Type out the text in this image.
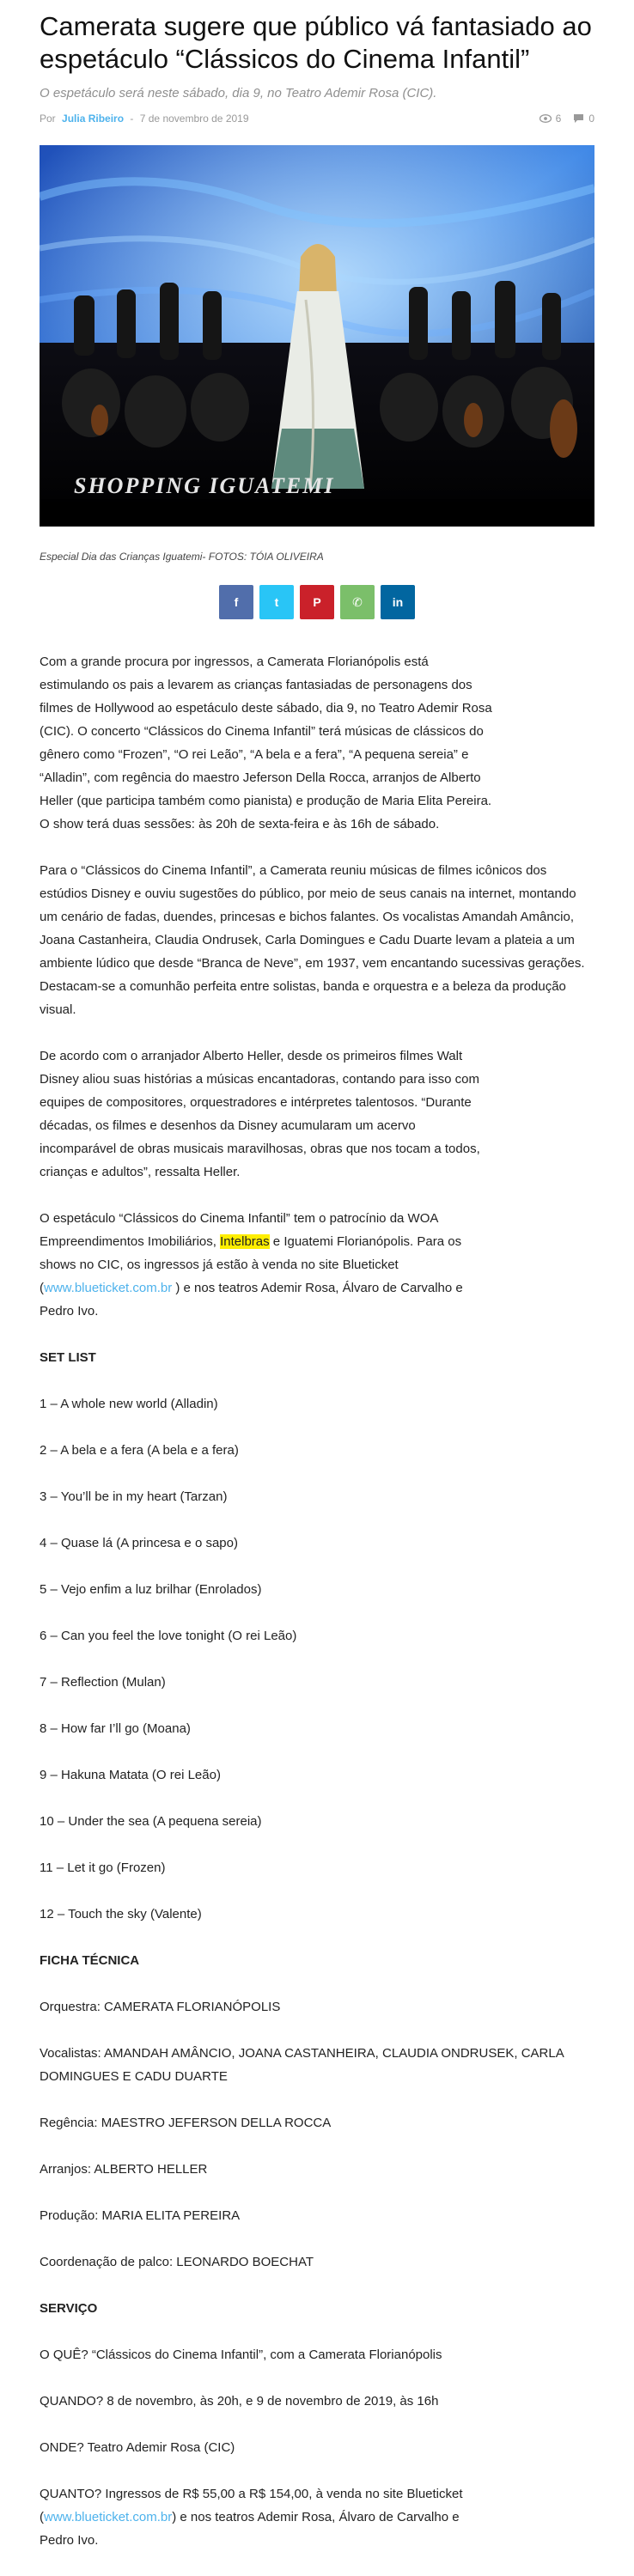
Camerata sugere que público vá fantasiado ao espetáculo “Clássicos do Cinema Infantil”
O espetáculo será neste sábado, dia 9, no Teatro Ademir Rosa (CIC).
Por Julia Ribeiro - 7 de novembro de 2019	6	0
SHOPPING IGUATEMI
Especial Dia das Crianças Iguatemi- FOTOS: TÓIA OLIVEIRA
f	t	P	✆ in

Com a grande procura por ingressos, a Camerata Florianópolis está estimulando os pais a levarem as crianças fantasiadas de personagens dos filmes de Hollywood ao espetáculo deste sábado, dia 9, no Teatro Ademir Rosa (CIC). O concerto “Clássicos do Cinema Infantil” terá músicas de clássicos do gênero como “Frozen”, “O rei Leão”, “A bela e a fera”, “A pequena sereia” e “Alladin”, com regência do maestro Jeferson Della Rocca, arranjos de Alberto Heller (que participa também como pianista) e produção de Maria Elita Pereira. O show terá duas sessões: às 20h de sexta-feira e às 16h de sábado.

Para o “Clássicos do Cinema Infantil”, a Camerata reuniu músicas de filmes icônicos dos estúdios Disney e ouviu sugestões do público, por meio de seus canais na internet, montando um cenário de fadas, duendes, princesas e bichos falantes. Os vocalistas Amandah Amâncio, Joana Castanheira, Claudia Ondrusek, Carla Domingues e Cadu Duarte levam a plateia a um ambiente lúdico que desde “Branca de Neve”, em 1937, vem encantando sucessivas gerações. Destacam-se a comunhão perfeita entre solistas, banda e orquestra e a beleza da produção visual.

De acordo com o arranjador Alberto Heller, desde os primeiros filmes Walt Disney aliou suas histórias a músicas encantadoras, contando para isso com equipes de compositores, orquestradores e intérpretes talentosos. “Durante décadas, os filmes e desenhos da Disney acumularam um acervo incomparável de obras musicais maravilhosas, obras que nos tocam a todos, crianças e adultos”, ressalta Heller.

O espetáculo “Clássicos do Cinema Infantil” tem o patrocínio da WOA Empreendimentos Imobiliários, Intelbras e Iguatemi Florianópolis. Para os shows no CIC, os ingressos já estão à venda no site Blueticket (www.blueticket.com.br ) e nos teatros Ademir Rosa, Álvaro de Carvalho e Pedro Ivo.

SET LIST

1 – A whole new world (Alladin)

2 – A bela e a fera (A bela e a fera)

3 – You’ll be in my heart (Tarzan)

4 – Quase lá (A princesa e o sapo)

5 – Vejo enfim a luz brilhar (Enrolados)

6 – Can you feel the love tonight (O rei Leão)

7 – Reflection (Mulan)

8 – How far I’ll go (Moana)

9 – Hakuna Matata (O rei Leão)

10 – Under the sea (A pequena sereia)

11 – Let it go (Frozen)

12 – Touch the sky (Valente)

FICHA TÉCNICA

Orquestra: CAMERATA FLORIANÓPOLIS

Vocalistas: AMANDAH AMÂNCIO, JOANA CASTANHEIRA, CLAUDIA ONDRUSEK, CARLA DOMINGUES E CADU DUARTE

Regência: MAESTRO JEFERSON DELLA ROCCA

Arranjos: ALBERTO HELLER

Produção: MARIA ELITA PEREIRA

Coordenação de palco: LEONARDO BOECHAT

SERVIÇO

O QUÊ? “Clássicos do Cinema Infantil”, com a Camerata Florianópolis

QUANDO? 8 de novembro, às 20h, e 9 de novembro de 2019, às 16h

ONDE? Teatro Ademir Rosa (CIC)

QUANTO? Ingressos de R$ 55,00 a R$ 154,00, à venda no site Blueticket (www.blueticket.com.br) e nos teatros Ademir Rosa, Álvaro de Carvalho e Pedro Ivo.
